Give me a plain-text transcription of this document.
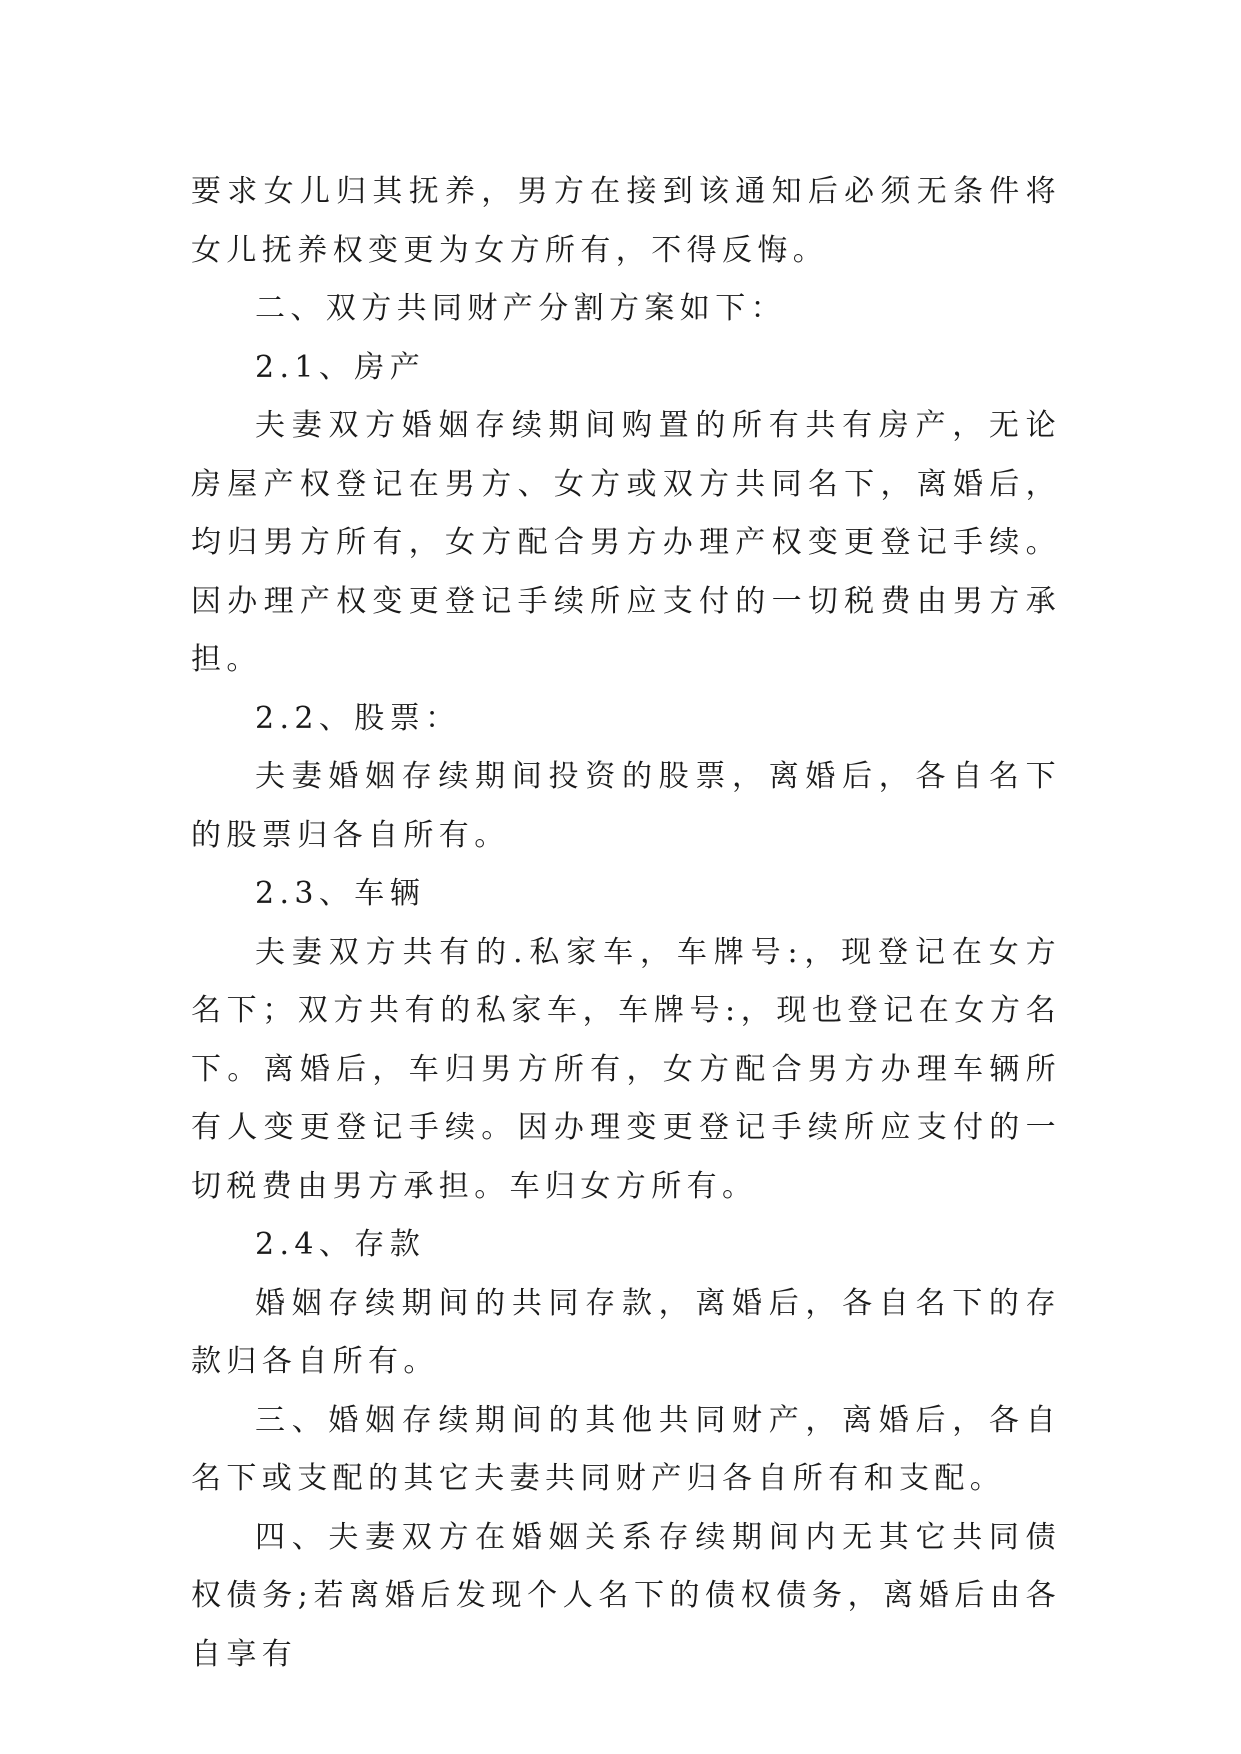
要求女儿归其抚养，男方在接到该通知后必须无条件将女儿抚养权变更为女方所有，不得反悔。

二、双方共同财产分割方案如下：

2.1、房产

夫妻双方婚姻存续期间购置的所有共有房产，无论房屋产权登记在男方、女方或双方共同名下，离婚后，均归男方所有，女方配合男方办理产权变更登记手续。因办理产权变更登记手续所应支付的一切税费由男方承担。

2.2、股票：

夫妻婚姻存续期间投资的股票，离婚后，各自名下的股票归各自所有。

2.3、车辆

夫妻双方共有的.私家车，车牌号:，现登记在女方名下；双方共有的私家车，车牌号:，现也登记在女方名下。离婚后，车归男方所有，女方配合男方办理车辆所有人变更登记手续。因办理变更登记手续所应支付的一切税费由男方承担。车归女方所有。

2.4、存款

婚姻存续期间的共同存款，离婚后，各自名下的存款归各自所有。

三、婚姻存续期间的其他共同财产，离婚后，各自名下或支配的其它夫妻共同财产归各自所有和支配。

四、夫妻双方在婚姻关系存续期间内无其它共同债权债务;若离婚后发现个人名下的债权债务，离婚后由各自享有
